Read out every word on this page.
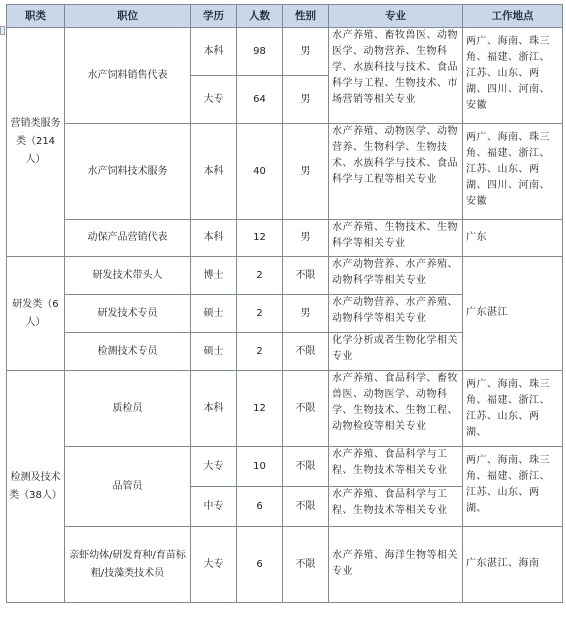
职类	职位	学历	人数	性别	专业	工作地点
营销类服务类（214人）	水产饲料销售代表	本科	98	男	水产养殖、畜牧兽医、动物医学、动物营养、生物科学、水族科技与技术、食品科学与工程、生物技术、市场营销等相关专业	两广、海南、珠三角、福建、浙江、江苏、山东、两湖、四川、河南、安徽
		大专	64	男		
	水产饲料技术服务	本科	40	男	水产养殖、动物医学、动物营养、生物科学、生物技术、水族科学与技术、食品科学与工程等相关专业	两广、海南、珠三角、福建、浙江、江苏、山东、两湖、四川、河南、安徽
	动保产品营销代表	本科	12	男	水产养殖、生物技术、生物科学等相关专业	广东
研发类（6人）	研发技术带头人	博士	2	不限	水产动物营养、水产养殖、动物科学等相关专业	广东湛江
	研发技术专员	硕士	2	男	水产动物营养、水产养殖、动物科学等相关专业	
	检测技术专员	硕士	2	不限	化学分析或者生物化学相关专业	
检测及技术类（38人）	质检员	本科	12	不限	水产养殖、食品科学、畜牧兽医、动物医学、动物科学、生物技术、生物工程、动物检疫等相关专业	两广、海南、珠三角、福建、浙江、江苏、山东、两湖、
	品管员	大专	10	不限	水产养殖、食品科学与工程、生物技术等相关专业	两广、海南、珠三角、福建、浙江、江苏、山东、两湖、
		中专	6	不限	水产养殖、食品科学与工程、生物技术等相关专业	
	亲虾幼体/研发育种/育苗标粗/技藻类技术员	大专	6	不限	水产养殖、海洋生物等相关专业	广东湛江、海南
